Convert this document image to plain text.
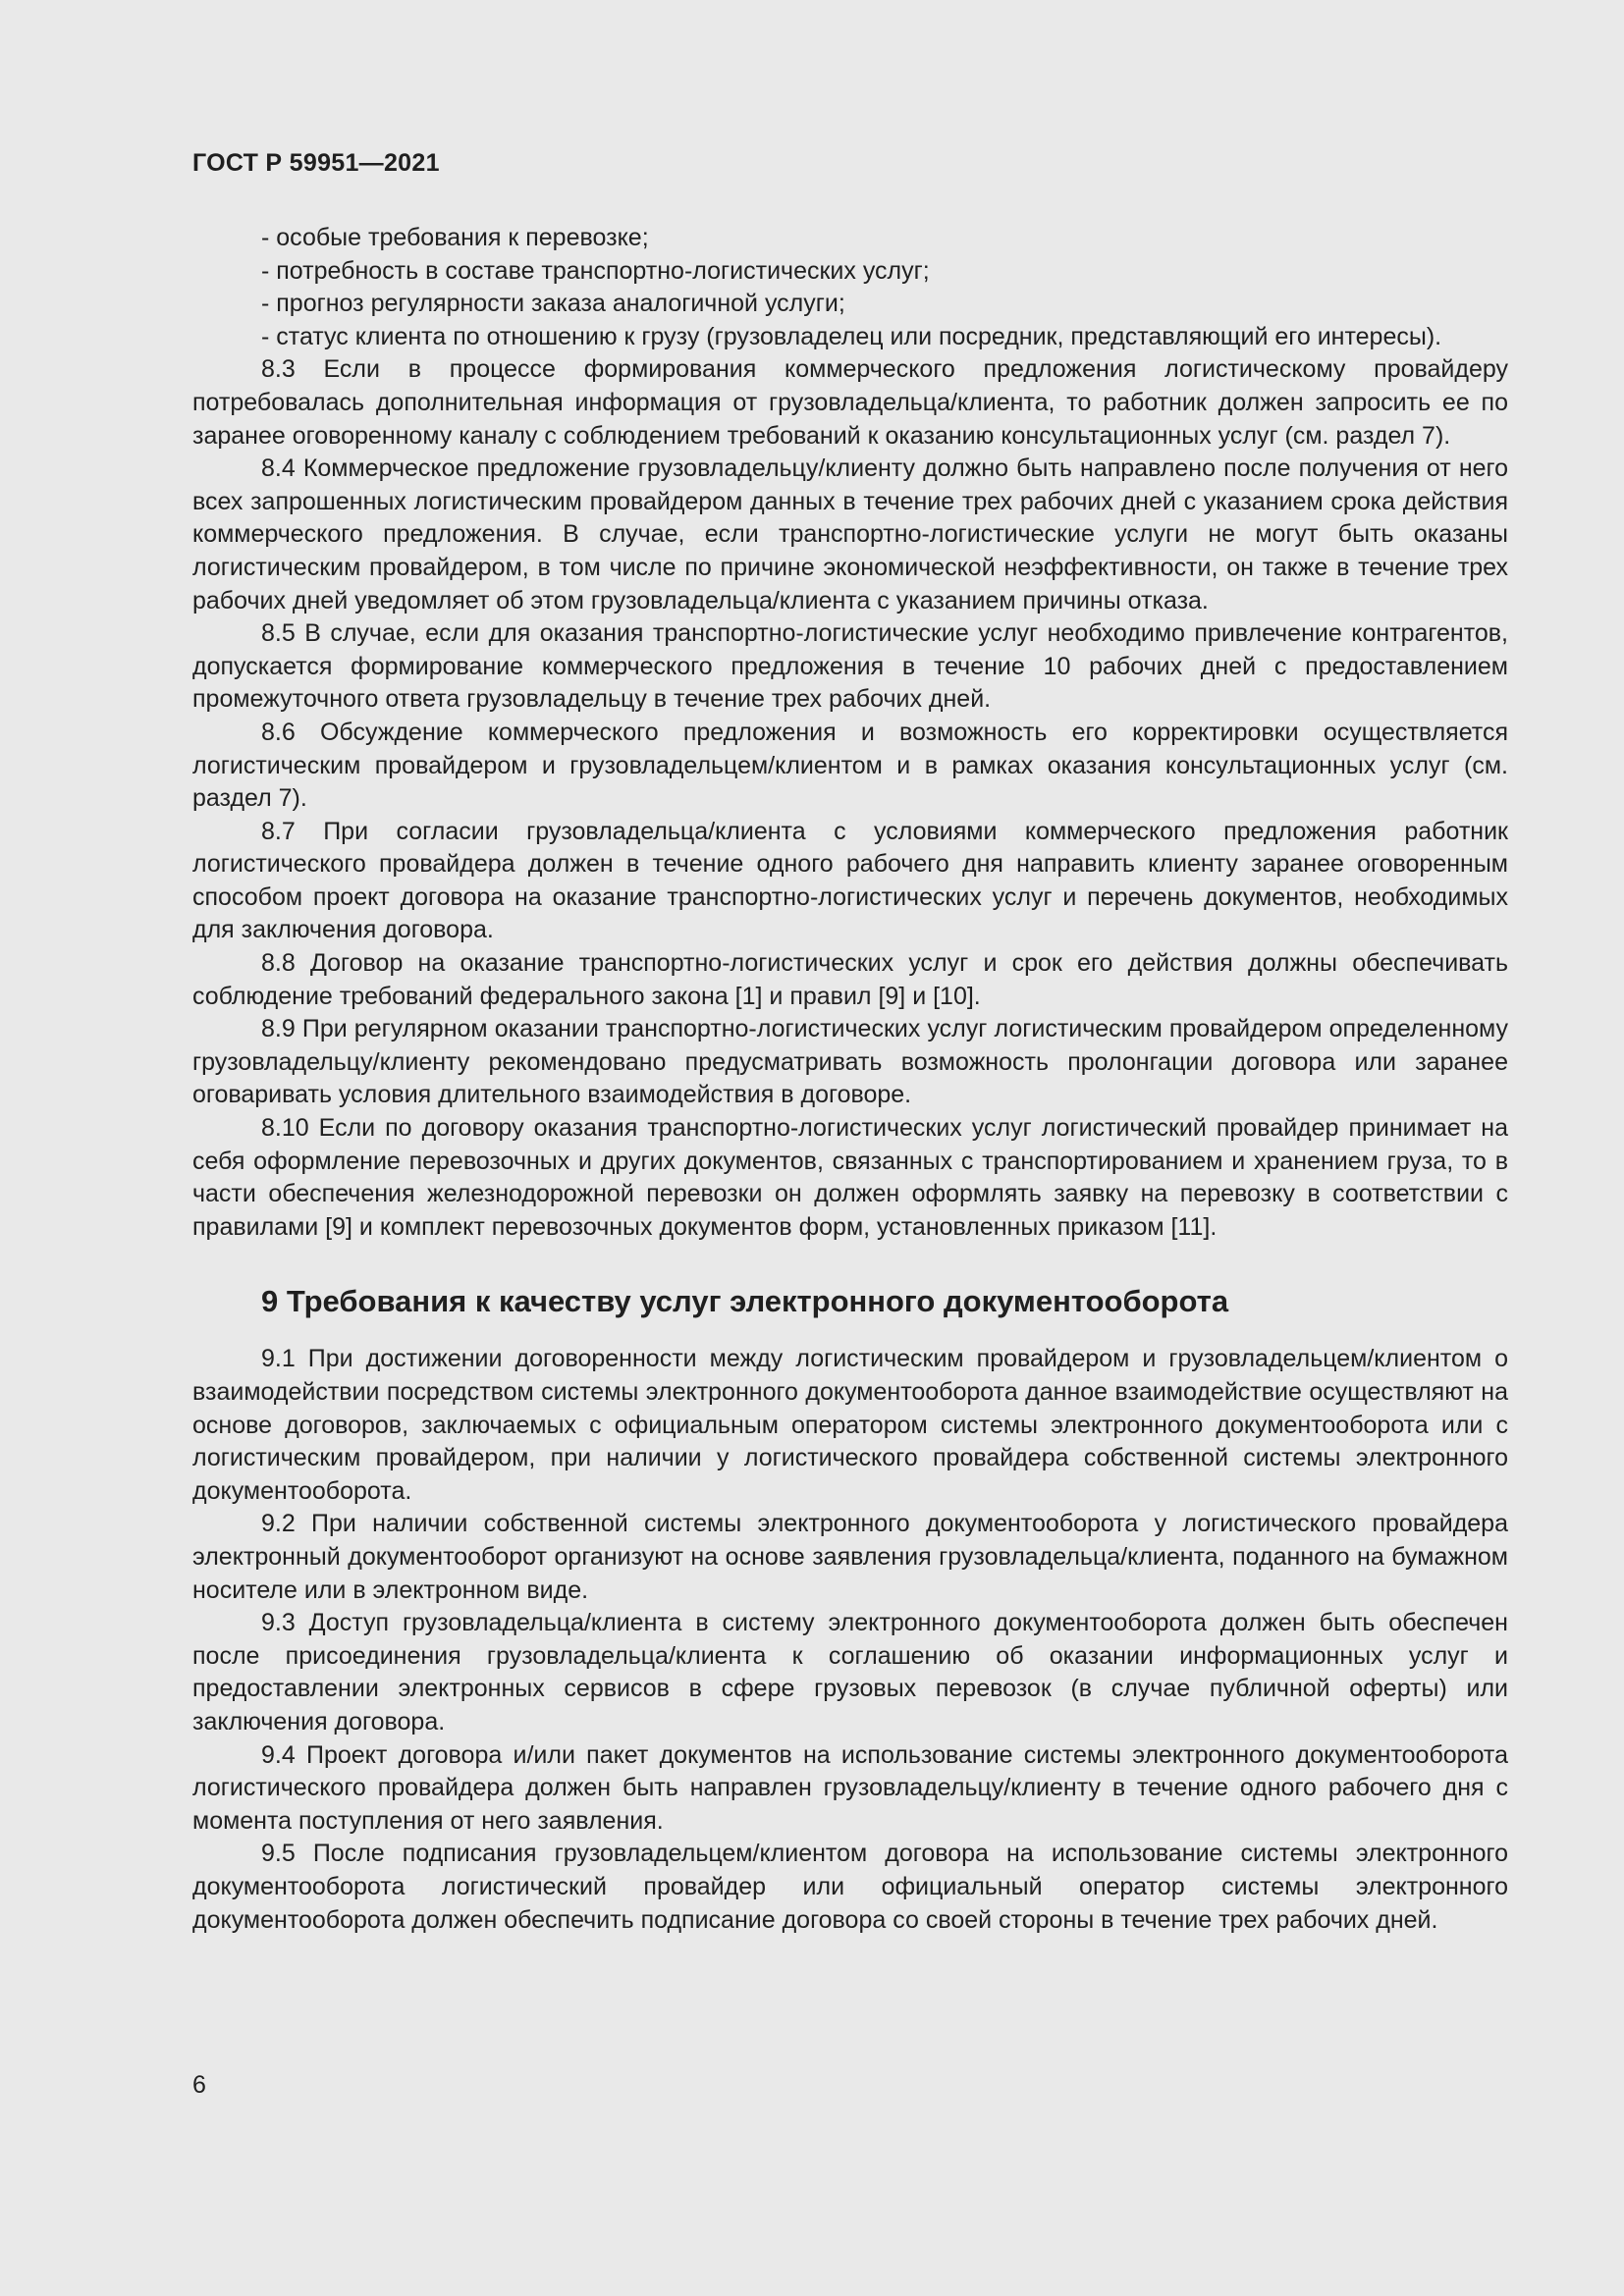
ГОСТ Р 59951—2021

- особые требования к перевозке;

- потребность в составе транспортно-логистических услуг;

- прогноз регулярности заказа аналогичной услуги;

- статус клиента по отношению к грузу (грузовладелец или посредник, представляющий его интересы).

8.3 Если в процессе формирования коммерческого предложения логистическому провайдеру потребовалась дополнительная информация от грузовладельца/клиента, то работник должен запросить ее по заранее оговоренному каналу с соблюдением требований к оказанию консультационных услуг (см. раздел 7).

8.4 Коммерческое предложение грузовладельцу/клиенту должно быть направлено после получения от него всех запрошенных логистическим провайдером данных в течение трех рабочих дней с указанием срока действия коммерческого предложения. В случае, если транспортно-логистические услуги не могут быть оказаны логистическим провайдером, в том числе по причине экономической неэффективности, он также в течение трех рабочих дней уведомляет об этом грузовладельца/клиента с указанием причины отказа.

8.5 В случае, если для оказания транспортно-логистические услуг необходимо привлечение контрагентов, допускается формирование коммерческого предложения в течение 10 рабочих дней с предоставлением промежуточного ответа грузовладельцу в течение трех рабочих дней.

8.6 Обсуждение коммерческого предложения и возможность его корректировки осуществляется логистическим провайдером и грузовладельцем/клиентом и в рамках оказания консультационных услуг (см. раздел 7).

8.7 При согласии грузовладельца/клиента с условиями коммерческого предложения работник логистического провайдера должен в течение одного рабочего дня направить клиенту заранее оговоренным способом проект договора на оказание транспортно-логистических услуг и перечень документов, необходимых для заключения договора.

8.8 Договор на оказание транспортно-логистических услуг и срок его действия должны обеспечивать соблюдение требований федерального закона [1] и правил [9] и [10].

8.9 При регулярном оказании транспортно-логистических услуг логистическим провайдером определенному грузовладельцу/клиенту рекомендовано предусматривать возможность пролонгации договора или заранее оговаривать условия длительного взаимодействия в договоре.

8.10 Если по договору оказания транспортно-логистических услуг логистический провайдер принимает на себя оформление перевозочных и других документов, связанных с транспортированием и хранением груза, то в части обеспечения железнодорожной перевозки он должен оформлять заявку на перевозку в соответствии с правилами [9] и комплект перевозочных документов форм, установленных приказом [11].

9 Требования к качеству услуг электронного документооборота

9.1 При достижении договоренности между логистическим провайдером и грузовладельцем/клиентом о взаимодействии посредством системы электронного документооборота данное взаимодействие осуществляют на основе договоров, заключаемых с официальным оператором системы электронного документооборота или с логистическим провайдером, при наличии у логистического провайдера собственной системы электронного документооборота.

9.2 При наличии собственной системы электронного документооборота у логистического провайдера электронный документооборот организуют на основе заявления грузовладельца/клиента, поданного на бумажном носителе или в электронном виде.

9.3 Доступ грузовладельца/клиента в систему электронного документооборота должен быть обеспечен после присоединения грузовладельца/клиента к соглашению об оказании информационных услуг и предоставлении электронных сервисов в сфере грузовых перевозок (в случае публичной оферты) или заключения договора.

9.4 Проект договора и/или пакет документов на использование системы электронного документооборота логистического провайдера должен быть направлен грузовладельцу/клиенту в течение одного рабочего дня с момента поступления от него заявления.

9.5 После подписания грузовладельцем/клиентом договора на использование системы электронного документооборота логистический провайдер или официальный оператор системы электронного документооборота должен обеспечить подписание договора со своей стороны в течение трех рабочих дней.

6
